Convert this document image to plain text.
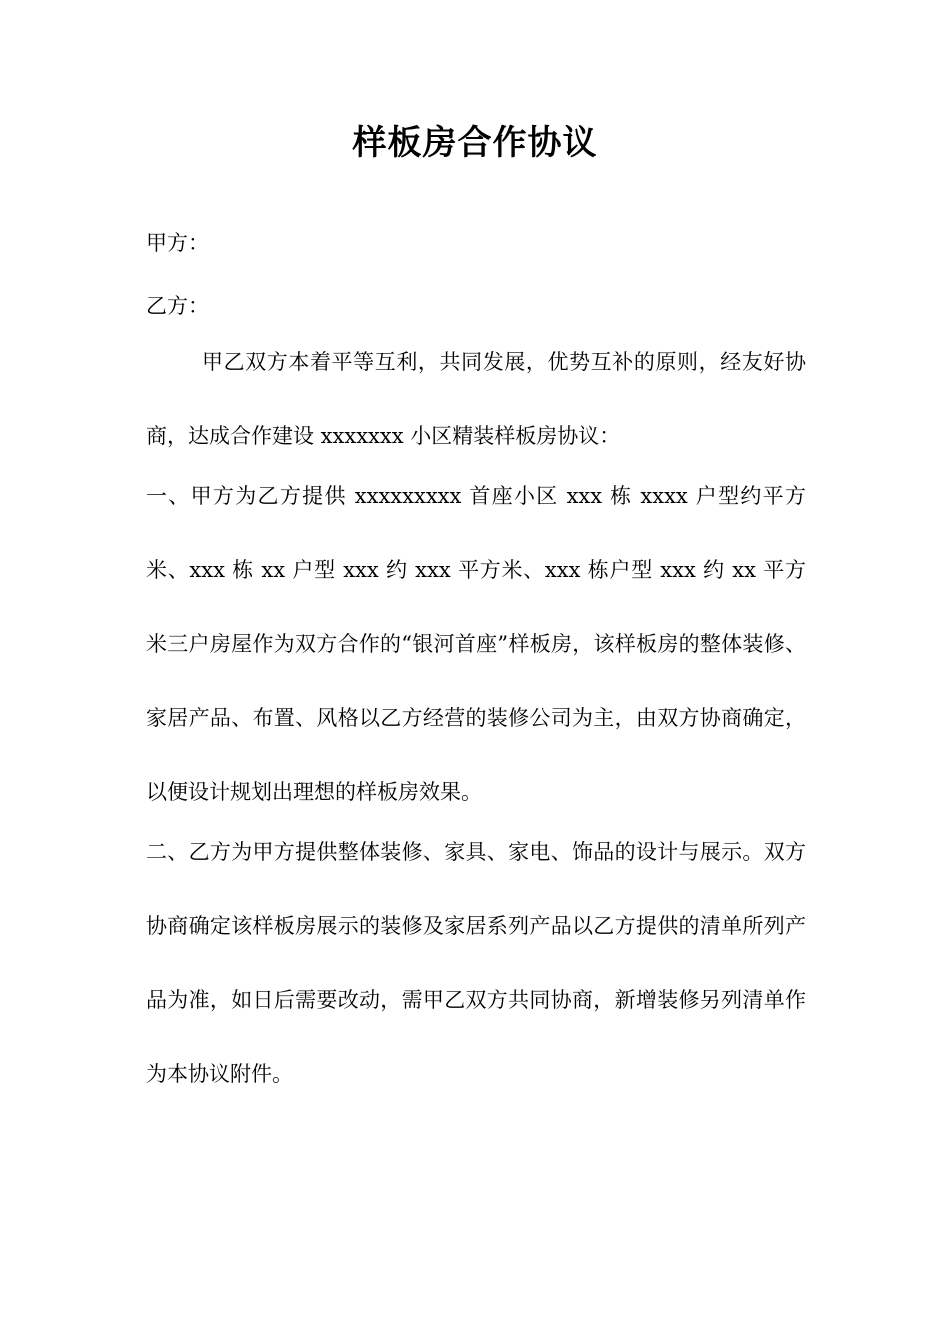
样板房合作协议
甲方：
乙方：

甲乙双方本着平等互利，共同发展，优势互补的原则，经友好协商，达成合作建设 xxxxxxx 小区精装样板房协议：

一、甲方为乙方提供 xxxxxxxxx 首座小区 xxx 栋 xxxx 户型约平方米、xxx 栋 xx 户型 xxx 约 xxx 平方米、xxx 栋户型 xxx 约 xx 平方米三户房屋作为双方合作的“银河首座”样板房，该样板房的整体装修、家居产品、布置、风格以乙方经营的装修公司为主，由双方协商确定，以便设计规划出理想的样板房效果。

二、乙方为甲方提供整体装修、家具、家电、饰品的设计与展示。双方协商确定该样板房展示的装修及家居系列产品以乙方提供的清单所列产品为准，如日后需要改动，需甲乙双方共同协商，新增装修另列清单作为本协议附件。
